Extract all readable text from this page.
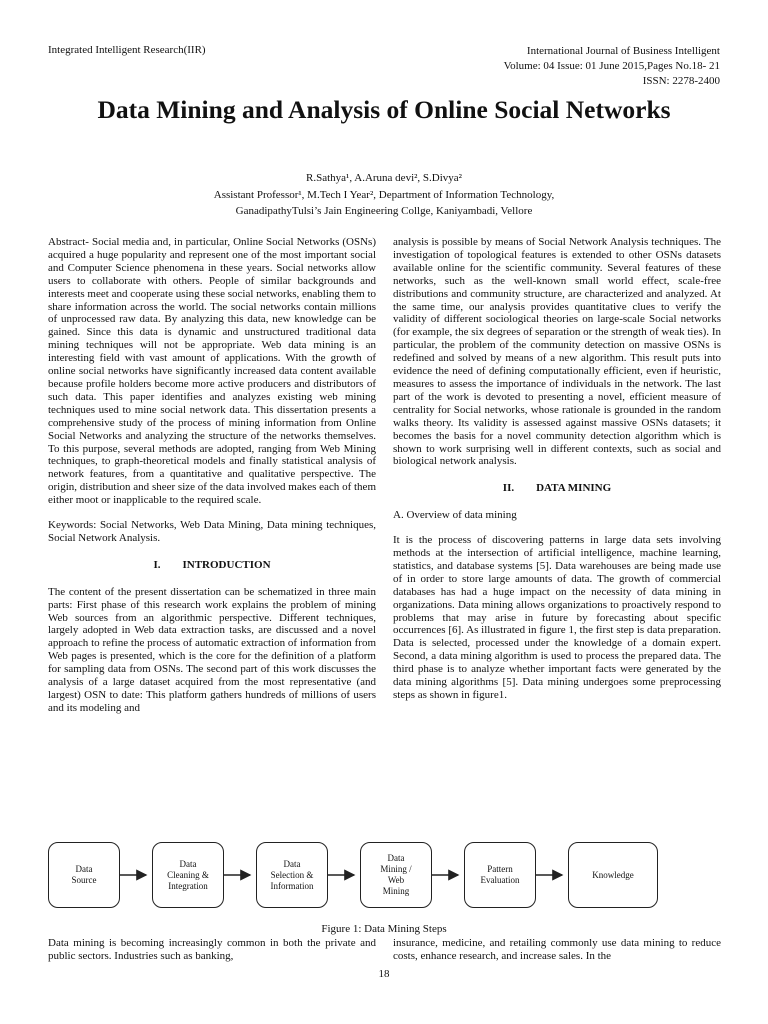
Integrated Intelligent Research(IIR)	International Journal of Business Intelligent
Volume: 04 Issue: 01 June 2015,Pages No.18- 21
ISSN: 2278-2400
Data Mining and Analysis of Online Social Networks
R.Sathya¹, A.Aruna devi², S.Divya²
Assistant Professor¹, M.Tech I Year², Department of Information Technology,
GanadipathyTulsi’s Jain Engineering Collge, Kaniyambadi, Vellore

Abstract- Social media and, in particular, Online Social Networks (OSNs) acquired a huge popularity and represent one of the most important social and Computer Science phenomena in these years. Social networks allow users to collaborate with others. People of similar backgrounds and interests meet and cooperate using these social networks, enabling them to share information across the world. The social networks contain millions of unprocessed raw data. By analyzing this data, new knowledge can be gained. Since this data is dynamic and unstructured traditional data mining techniques will not be appropriate. Web data mining is an interesting field with vast amount of applications. With the growth of online social networks have significantly increased data content available because profile holders become more active producers and distributors of such data. This paper identifies and analyzes existing web mining techniques used to mine social network data. This dissertation presents a comprehensive study of the process of mining information from Online Social Networks and analyzing the structure of the networks themselves. To this purpose, several methods are adopted, ranging from Web Mining techniques, to graph-theoretical models and finally statistical analysis of network features, from a quantitative and qualitative perspective. The origin, distribution and sheer size of the data involved makes each of them either moot or inapplicable to the required scale.

Keywords: Social Networks, Web Data Mining, Data mining techniques, Social Network Analysis.

I. INTRODUCTION

The content of the present dissertation can be schematized in three main parts: First phase of this research work explains the problem of mining Web sources from an algorithmic perspective. Different techniques, largely adopted in Web data extraction tasks, are discussed and a novel approach to refine the process of automatic extraction of information from Web pages is presented, which is the core for the definition of a platform for sampling data from OSNs. The second part of this work discusses the analysis of a large dataset acquired from the most representative (and largest) OSN to date: This platform gathers hundreds of millions of users and its modeling and

analysis is possible by means of Social Network Analysis techniques. The investigation of topological features is extended to other OSNs datasets available online for the scientific community. Several features of these networks, such as the well-known small world effect, scale-free distributions and community structure, are characterized and analyzed. At the same time, our analysis provides quantitative clues to verify the validity of different sociological theories on large-scale Social networks (for example, the six degrees of separation or the strength of weak ties). In particular, the problem of the community detection on massive OSNs is redefined and solved by means of a new algorithm. This result puts into evidence the need of defining computationally efficient, even if heuristic, measures to assess the importance of individuals in the network. The last part of the work is devoted to presenting a novel, efficient measure of centrality for Social networks, whose rationale is grounded in the random walks theory. Its validity is assessed against massive OSNs datasets; it becomes the basis for a novel community detection algorithm which is shown to work surprising well in different contexts, such as social and biological network analysis.

II. DATA MINING

A. Overview of data mining

It is the process of discovering patterns in large data sets involving methods at the intersection of artificial intelligence, machine learning, statistics, and database systems [5]. Data warehouses are being made use of in order to store large amounts of data. The growth of commercial databases has had a huge impact on the necessity of data mining in organizations. Data mining allows organizations to proactively respond to problems that may arise in future by forecasting about specific occurrences [6]. As illustrated in figure 1, the first step is data preparation. Data is selected, processed under the knowledge of a domain expert. Second, a data mining algorithm is used to process the prepared data. The third phase is to analyze whether important facts were generated by the data mining algorithms [5]. Data mining undergoes some preprocessing steps as shown in figure1.

Data
Source
Data
Cleaning &
Integration
Data
Selection &
Information
Data
Mining /
Web
Mining
Pattern
Evaluation
Knowledge
Figure 1: Data Mining Steps
Data mining is becoming increasingly common in both the private and public sectors. Industries such as banking,
insurance, medicine, and retailing commonly use data mining to reduce costs, enhance research, and increase sales. In the
18
